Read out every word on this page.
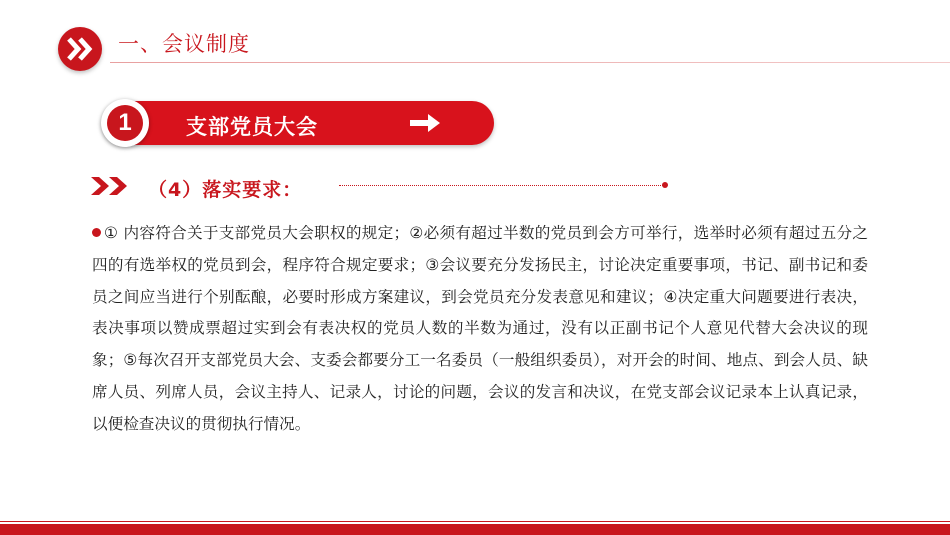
一、会议制度
1	支部党员大会
（4）落实要求：
① 内容符合关于支部党员大会职权的规定；②必须有超过半数的党员到会方可举行，选举时必须有超过五分之四的有选举权的党员到会，程序符合规定要求；③会议要充分发扬民主，讨论决定重要事项，书记、副书记和委员之间应当进行个别酝酿，必要时形成方案建议，到会党员充分发表意见和建议；④决定重大问题要进行表决，表决事项以赞成票超过实到会有表决权的党员人数的半数为通过，没有以正副书记个人意见代替大会决议的现象；⑤每次召开支部党员大会、支委会都要分工一名委员（一般组织委员），对开会的时间、地点、到会人员、缺席人员、列席人员，会议主持人、记录人，讨论的问题，会议的发言和决议，在党支部会议记录本上认真记录，以便检查决议的贯彻执行情况。
